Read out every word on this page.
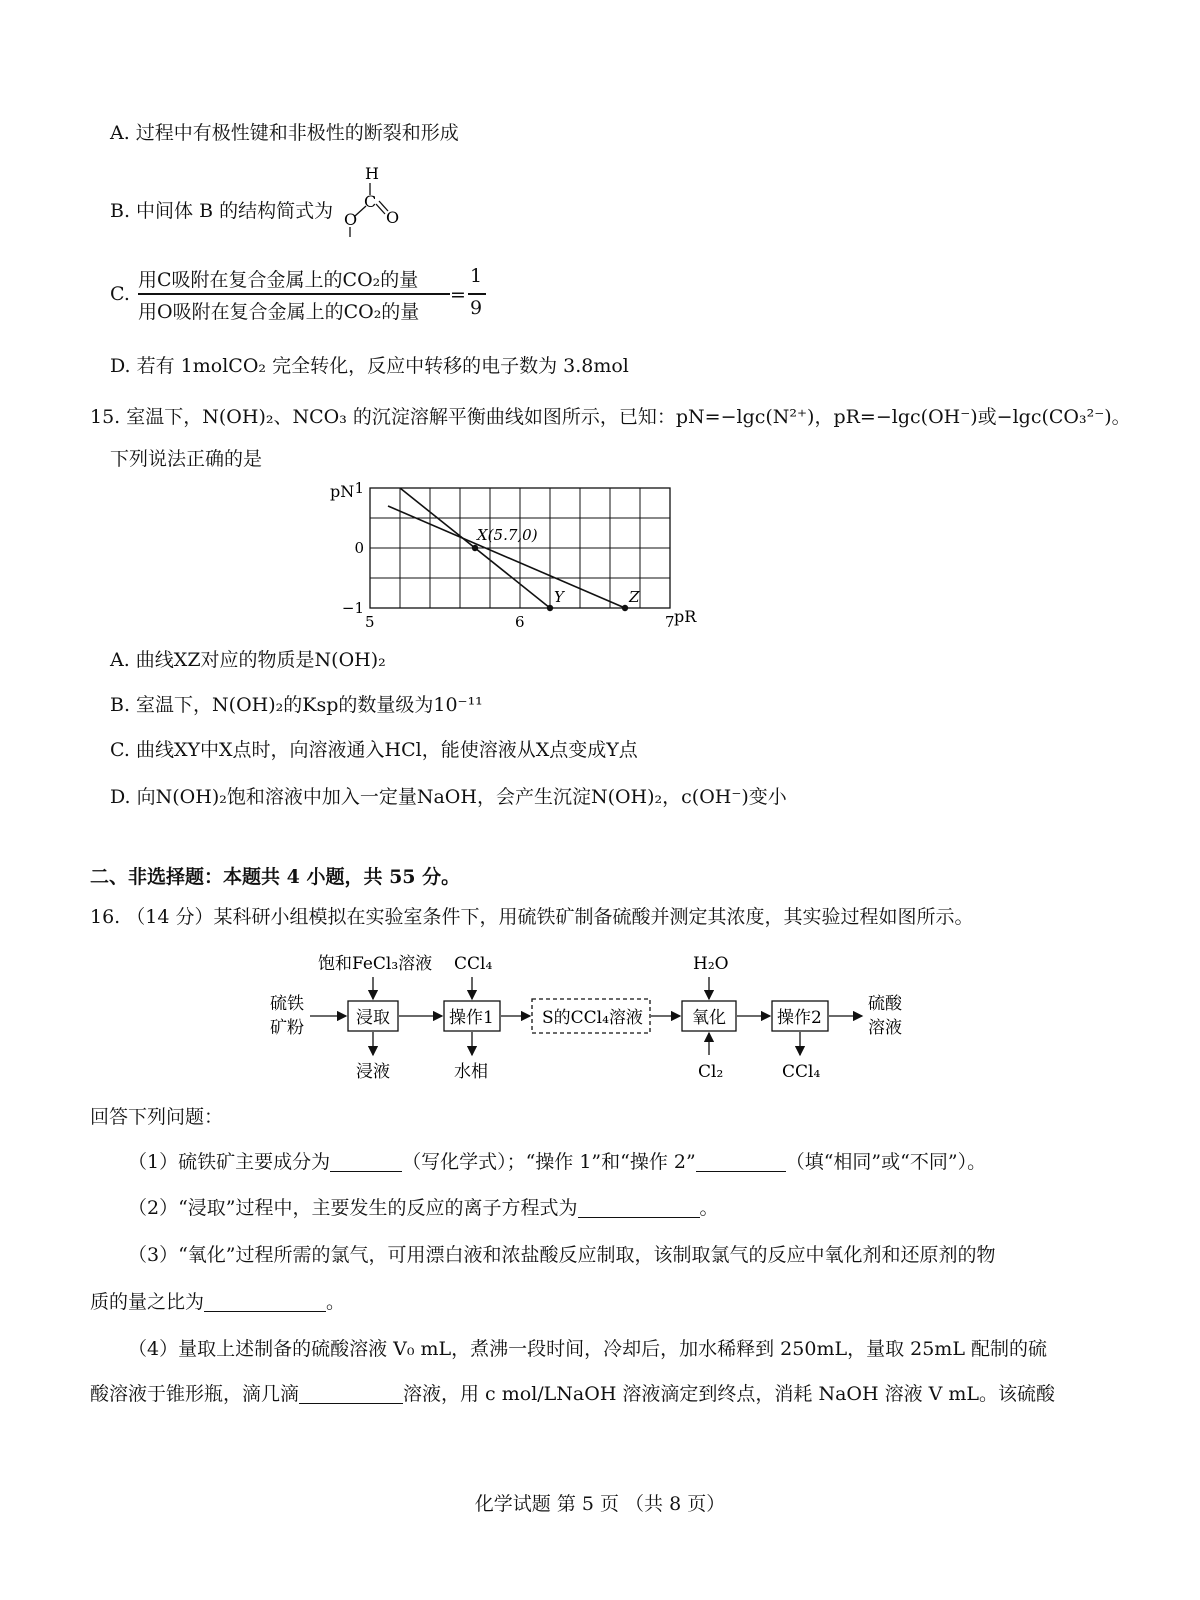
A. 过程中有极性键和非极性的断裂和形成
B. 中间体 B 的结构简式为
H
C
O
O
C.
用C吸附在复合金属上的CO₂的量
用O吸附在复合金属上的CO₂的量
=
1
9
D. 若有 1molCO₂ 完全转化，反应中转移的电子数为 3.8mol
15. 室温下，N(OH)₂、NCO₃ 的沉淀溶解平衡曲线如图所示，已知：pN=−lgc(N²⁺)，pR=−lgc(OH⁻)或−lgc(CO₃²⁻)。
下列说法正确的是
5	6	7
1
0
−1
X(5.7,0)
Y	Z
pN
pR
A. 曲线XZ对应的物质是N(OH)₂
B. 室温下，N(OH)₂的Ksp的数量级为10⁻¹¹
C. 曲线XY中X点时，向溶液通入HCl，能使溶液从X点变成Y点
D. 向N(OH)₂饱和溶液中加入一定量NaOH，会产生沉淀N(OH)₂，c(OH⁻)变小
二、非选择题：本题共 4 小题，共 55 分。
16. （14 分）某科研小组模拟在实验室条件下，用硫铁矿制备硫酸并测定其浓度，其实验过程如图所示。
硫铁
矿粉	浸取
饱和FeCl₃溶液
浸液
操作1
CCl₄
水相
S的CCl₄溶液	氧化
H₂O
Cl₂
操作2
CCl₄
硫酸
溶液
回答下列问题：
（1）硫铁矿主要成分为	（写化学式）；“操作 1”和“操作 2”	（填“相同”或“不同”）。
（2）“浸取”过程中，主要发生的反应的离子方程式为	。
（3）“氧化”过程所需的氯气，可用漂白液和浓盐酸反应制取，该制取氯气的反应中氧化剂和还原剂的物
质的量之比为	。
（4）量取上述制备的硫酸溶液 V₀ mL，煮沸一段时间，冷却后，加水稀释到 250mL，量取 25mL 配制的硫
酸溶液于锥形瓶，滴几滴	溶液，用 c mol/LNaOH 溶液滴定到终点，消耗 NaOH 溶液 V mL。该硫酸
化学试题 第 5 页 （共 8 页）
